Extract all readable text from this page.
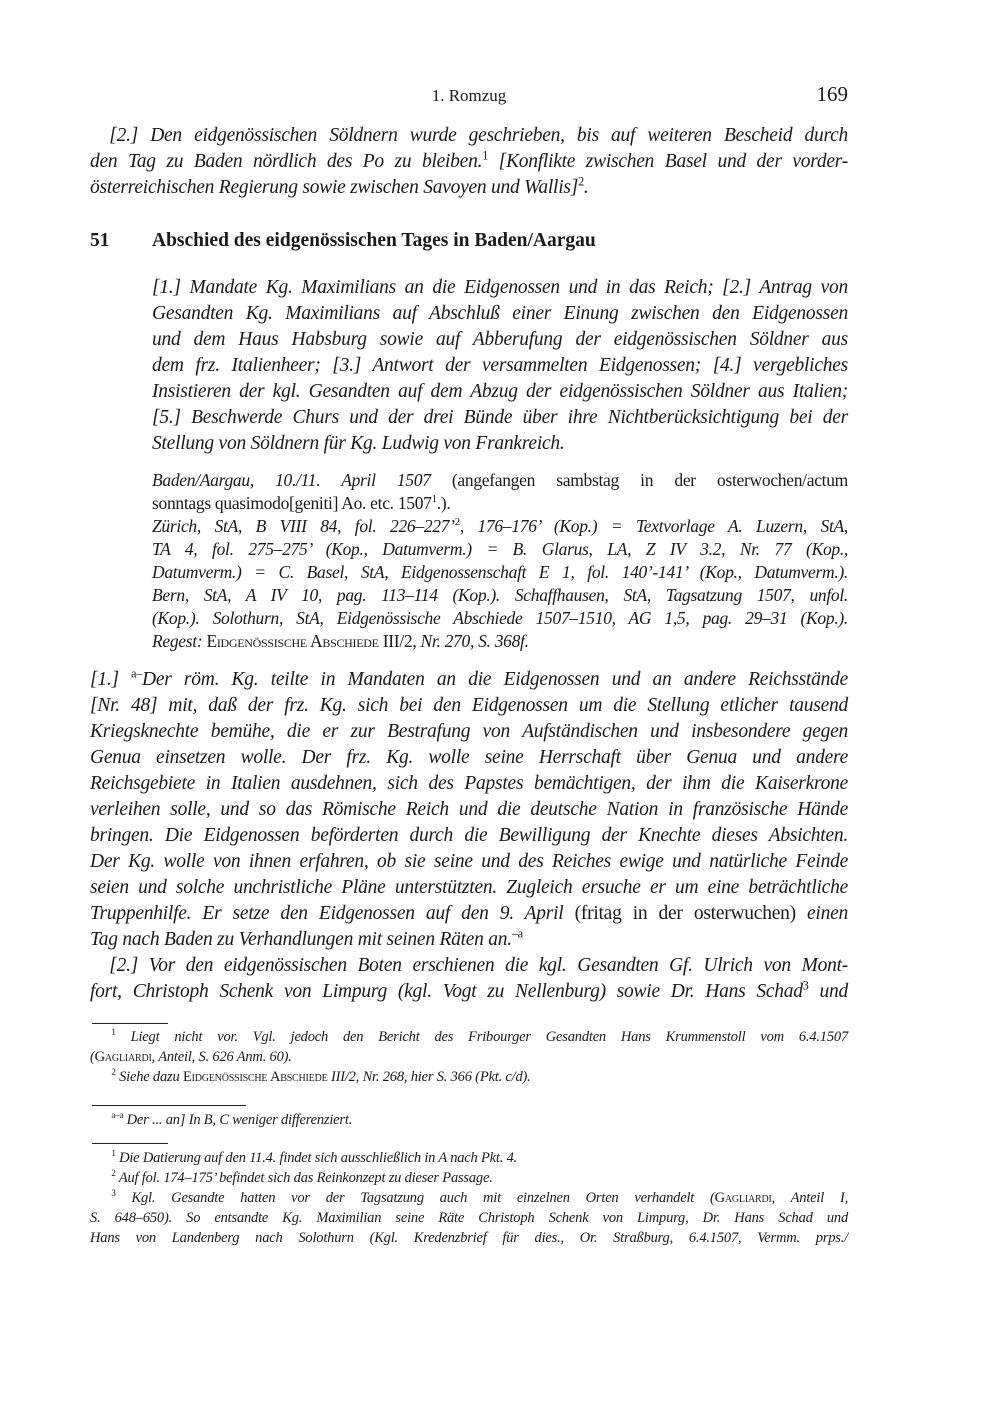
1. Romzug	169
 [2.] Den eidgenössischen Söldnern wurde geschrieben, bis auf weiteren Bescheid durch
den Tag zu Baden nördlich des Po zu bleiben.$^1$ [Konflikte zwischen Basel und der vorder-
österreichischen Regierung sowie zwischen Savoyen und Wallis]$^2$.
51 Abschied des eidgenössischen Tages in Baden/Aargau
[1.] Mandate Kg. Maximilians an die Eidgenossen und in das Reich; [2.] Antrag von
Gesandten Kg. Maximilians auf Abschluß einer Einung zwischen den Eidgenossen
und dem Haus Habsburg sowie auf Abberufung der eidgenössischen Söldner aus
dem frz. Italienheer; [3.] Antwort der versammelten Eidgenossen; [4.] vergebliches
Insistieren der kgl. Gesandten auf dem Abzug der eidgenössischen Söldner aus Italien;
[5.] Beschwerde Churs und der drei Bünde über ihre Nichtberücksichtigung bei der
Stellung von Söldnern für Kg. Ludwig von Frankreich.
Baden/Aargau, 10./11. April 1507 (angefangen sambstag in der osterwochen/actum
sonntags quasimodo[geniti] Ao. etc. 1507$^1$.).
Zürich, StA, B VIII 84, fol. 226–227’$^2$, 176–176’ (Kop.) = Textvorlage A. Luzern, StA,
TA 4, fol. 275–275’ (Kop., Datumverm.) = B. Glarus, LA, Z IV 3.2, Nr. 77 (Kop.,
Datumverm.) = C. Basel, StA, Eidgenossenschaft E 1, fol. 140’-141’ (Kop., Datumverm.).
Bern, StA, A IV 10, pag. 113–114 (Kop.). Schaffhausen, StA, Tagsatzung 1507, unfol.
(Kop.). Solothurn, StA, Eidgenössische Abschiede 1507–1510, AG 1,5, pag. 29–31 (Kop.).
Regest: Eidgenössische Abschiede III/2, Nr. 270, S. 368f.
[1.] $^{a-}$Der röm. Kg. teilte in Mandaten an die Eidgenossen und an andere Reichsstände
[Nr. 48] mit, daß der frz. Kg. sich bei den Eidgenossen um die Stellung etlicher tausend
Kriegsknechte bemühe, die er zur Bestrafung von Aufständischen und insbesondere gegen
Genua einsetzen wolle. Der frz. Kg. wolle seine Herrschaft über Genua und andere
Reichsgebiete in Italien ausdehnen, sich des Papstes bemächtigen, der ihm die Kaiserkrone
verleihen solle, und so das Römische Reich und die deutsche Nation in französische Hände
bringen. Die Eidgenossen beförderten durch die Bewilligung der Knechte dieses Absichten.
Der Kg. wolle von ihnen erfahren, ob sie seine und des Reiches ewige und natürliche Feinde
seien und solche unchristliche Pläne unterstützten. Zugleich ersuche er um eine beträchtliche
Truppenhilfe. Er setze den Eidgenossen auf den 9. April (fritag in der osterwuchen) einen
Tag nach Baden zu Verhandlungen mit seinen Räten an.$^{-a}$
 [2.] Vor den eidgenössischen Boten erschienen die kgl. Gesandten Gf. Ulrich von Mont-
fort, Christoph Schenk von Limpurg (kgl. Vogt zu Nellenburg) sowie Dr. Hans Schad$^3$ und
  $^1$ Liegt nicht vor. Vgl. jedoch den Bericht des Fribourger Gesandten Hans Krummenstoll vom 6.4.1507
(Gagliardi, Anteil, S. 626 Anm. 60).
  $^2$ Siehe dazu Eidgenössische Abschiede III/2, Nr. 268, hier S. 366 (Pkt. c/d).
  $^{a-a}$ Der ... an] In B, C weniger differenziert.
  $^1$ Die Datierung auf den 11.4. findet sich ausschließlich in A nach Pkt. 4.
  $^2$ Auf fol. 174–175’ befindet sich das Reinkonzept zu dieser Passage.
  $^3$ Kgl. Gesandte hatten vor der Tagsatzung auch mit einzelnen Orten verhandelt (Gagliardi, Anteil I,
S. 648–650). So entsandte Kg. Maximilian seine Räte Christoph Schenk von Limpurg, Dr. Hans Schad und
Hans von Landenberg nach Solothurn (Kgl. Kredenzbrief für dies., Or. Straßburg, 6.4.1507, Vermm. prps./
